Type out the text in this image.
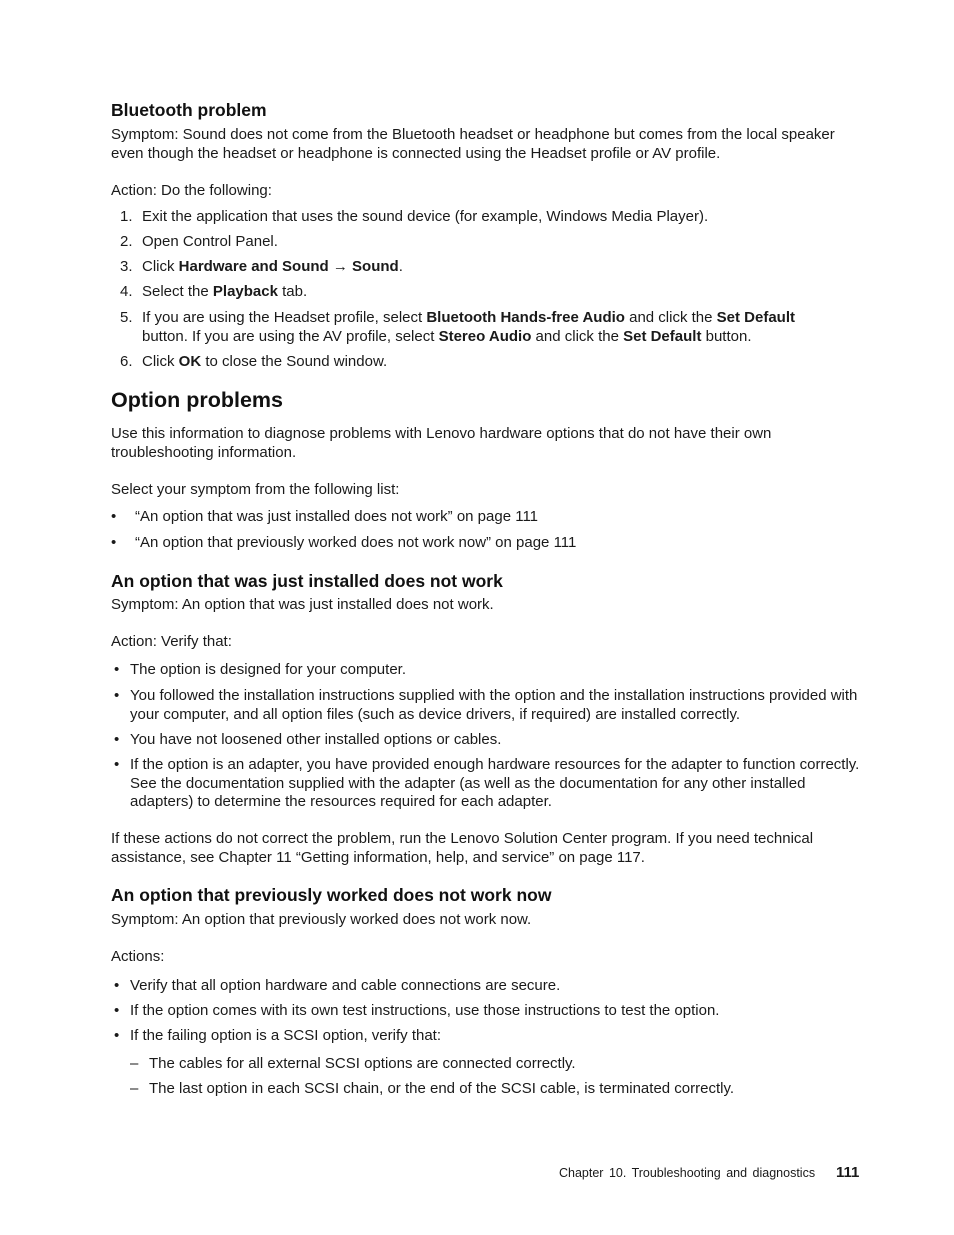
Bluetooth problem
Symptom: Sound does not come from the Bluetooth headset or headphone but comes from the local speaker even though the headset or headphone is connected using the Headset profile or AV profile.
Action: Do the following:
1. Exit the application that uses the sound device (for example, Windows Media Player).
2. Open Control Panel.
3. Click Hardware and Sound → Sound.
4. Select the Playback tab.
5. If you are using the Headset profile, select Bluetooth Hands-free Audio and click the Set Default
button. If you are using the AV profile, select Stereo Audio and click the Set Default button.
6. Click OK to close the Sound window.
Option problems
Use this information to diagnose problems with Lenovo hardware options that do not have their own troubleshooting information.
Select your symptom from the following list:
• “An option that was just installed does not work” on page 111
• “An option that previously worked does not work now” on page 111
An option that was just installed does not work
Symptom: An option that was just installed does not work.
Action: Verify that:
• The option is designed for your computer.
• You followed the installation instructions supplied with the option and the installation instructions provided with your computer, and all option files (such as device drivers, if required) are installed correctly.
• You have not loosened other installed options or cables.
• If the option is an adapter, you have provided enough hardware resources for the adapter to function correctly. See the documentation supplied with the adapter (as well as the documentation for any other installed adapters) to determine the resources required for each adapter.
If these actions do not correct the problem, run the Lenovo Solution Center program. If you need technical assistance, see Chapter 11 “Getting information, help, and service” on page 117.
An option that previously worked does not work now
Symptom: An option that previously worked does not work now.
Actions:
• Verify that all option hardware and cable connections are secure.
• If the option comes with its own test instructions, use those instructions to test the option.
• If the failing option is a SCSI option, verify that:
– The cables for all external SCSI options are connected correctly.
– The last option in each SCSI chain, or the end of the SCSI cable, is terminated correctly.
Chapter 10. Troubleshooting and diagnostics 111
